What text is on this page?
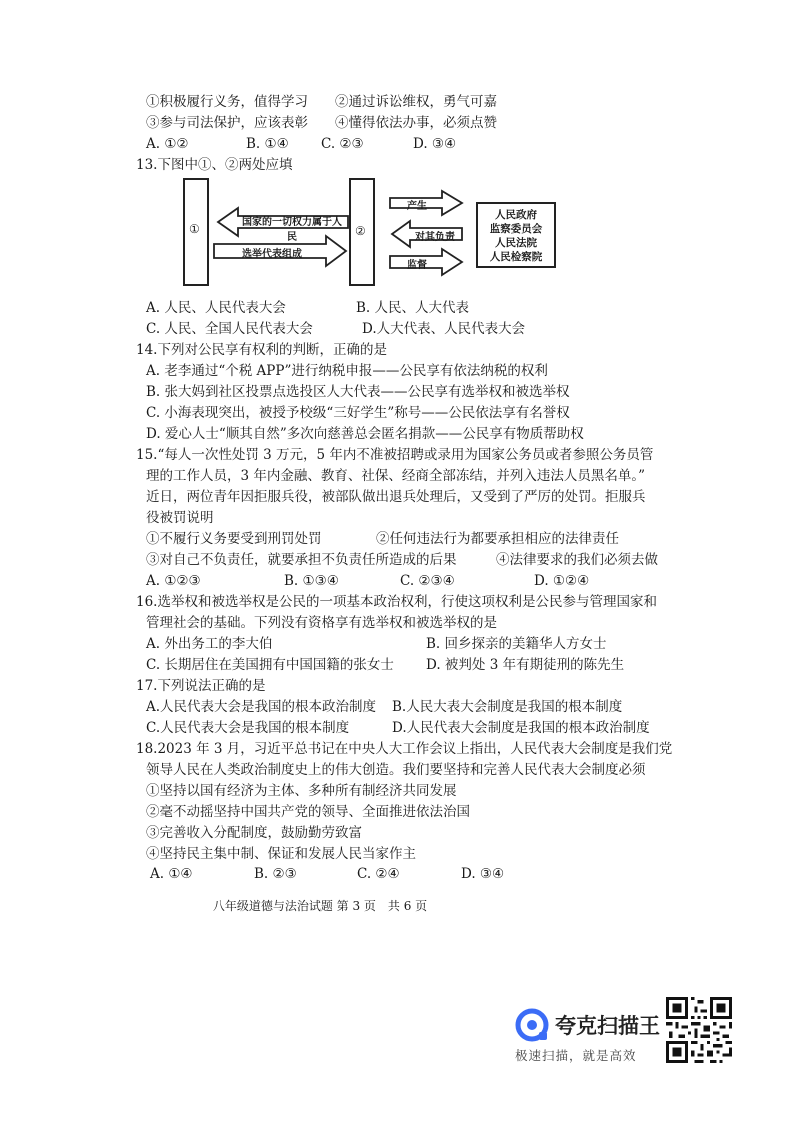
①积极履行义务，值得学习　　②通过诉讼维权，勇气可嘉
③参与司法保护，应该表彰　　④懂得依法办事，必须点赞
A. ①②	B. ①④ C. ②③	D. ③④
13.下图中①、②两处应填
①	②
国家的一切权力属于人民
选举代表组成
产生
对其负责
监督
人民政府
监察委员会
人民法院
人民检察院
A. 人民、人民代表大会	B. 人民、人大代表
C. 人民、全国人民代表大会	D.人大代表、人民代表大会
14.下列对公民享有权利的判断，正确的是
A. 老李通过“个税 APP”进行纳税申报——公民享有依法纳税的权利
B. 张大妈到社区投票点选投区人大代表——公民享有选举权和被选举权
C. 小海表现突出，被授予校级“三好学生”称号——公民依法享有名誉权
D. 爱心人士“顺其自然”多次向慈善总会匿名捐款——公民享有物质帮助权
15.“每人一次性处罚 3 万元，5 年内不准被招聘或录用为国家公务员或者参照公务员管
理的工作人员，3 年内金融、教育、社保、经商全部冻结，并列入违法人员黑名单。”
近日，两位青年因拒服兵役，被部队做出退兵处理后，又受到了严厉的处罚。拒服兵
役被罚说明
①不履行义务要受到刑罚处罚	②任何违法行为都要承担相应的法律责任
③对自己不负责任，就要承担不负责任所造成的后果	④法律要求的我们必须去做
A. ①②③	B. ①③④	C. ②③④	D. ①②④
16.选举权和被选举权是公民的一项基本政治权利，行使这项权利是公民参与管理国家和
管理社会的基础。下列没有资格享有选举权和被选举权的是
A. 外出务工的李大伯	B. 回乡探亲的美籍华人方女士
C. 长期居住在美国拥有中国国籍的张女士 D. 被判处 3 年有期徒刑的陈先生
17.下列说法正确的是
A.人民代表大会是我国的根本政治制度 B.人民大表大会制度是我国的根本制度
C.人民代表大会是我国的根本制度	D.人民代表大会制度是我国的根本政治制度
18.2023 年 3 月，习近平总书记在中央人大工作会议上指出，人民代表大会制度是我们党
领导人民在人类政治制度史上的伟大创造。我们要坚持和完善人民代表大会制度必须
①坚持以国有经济为主体、多种所有制经济共同发展
②毫不动摇坚持中国共产党的领导、全面推进依法治国
③完善收入分配制度，鼓励勤劳致富
④坚持民主集中制、保证和发展人民当家作主
A. ①④	B. ②③	C. ②④	D. ③④
八年级道德与法治试题 第 3 页　共 6 页
夸克扫描王
极速扫描，就是高效
